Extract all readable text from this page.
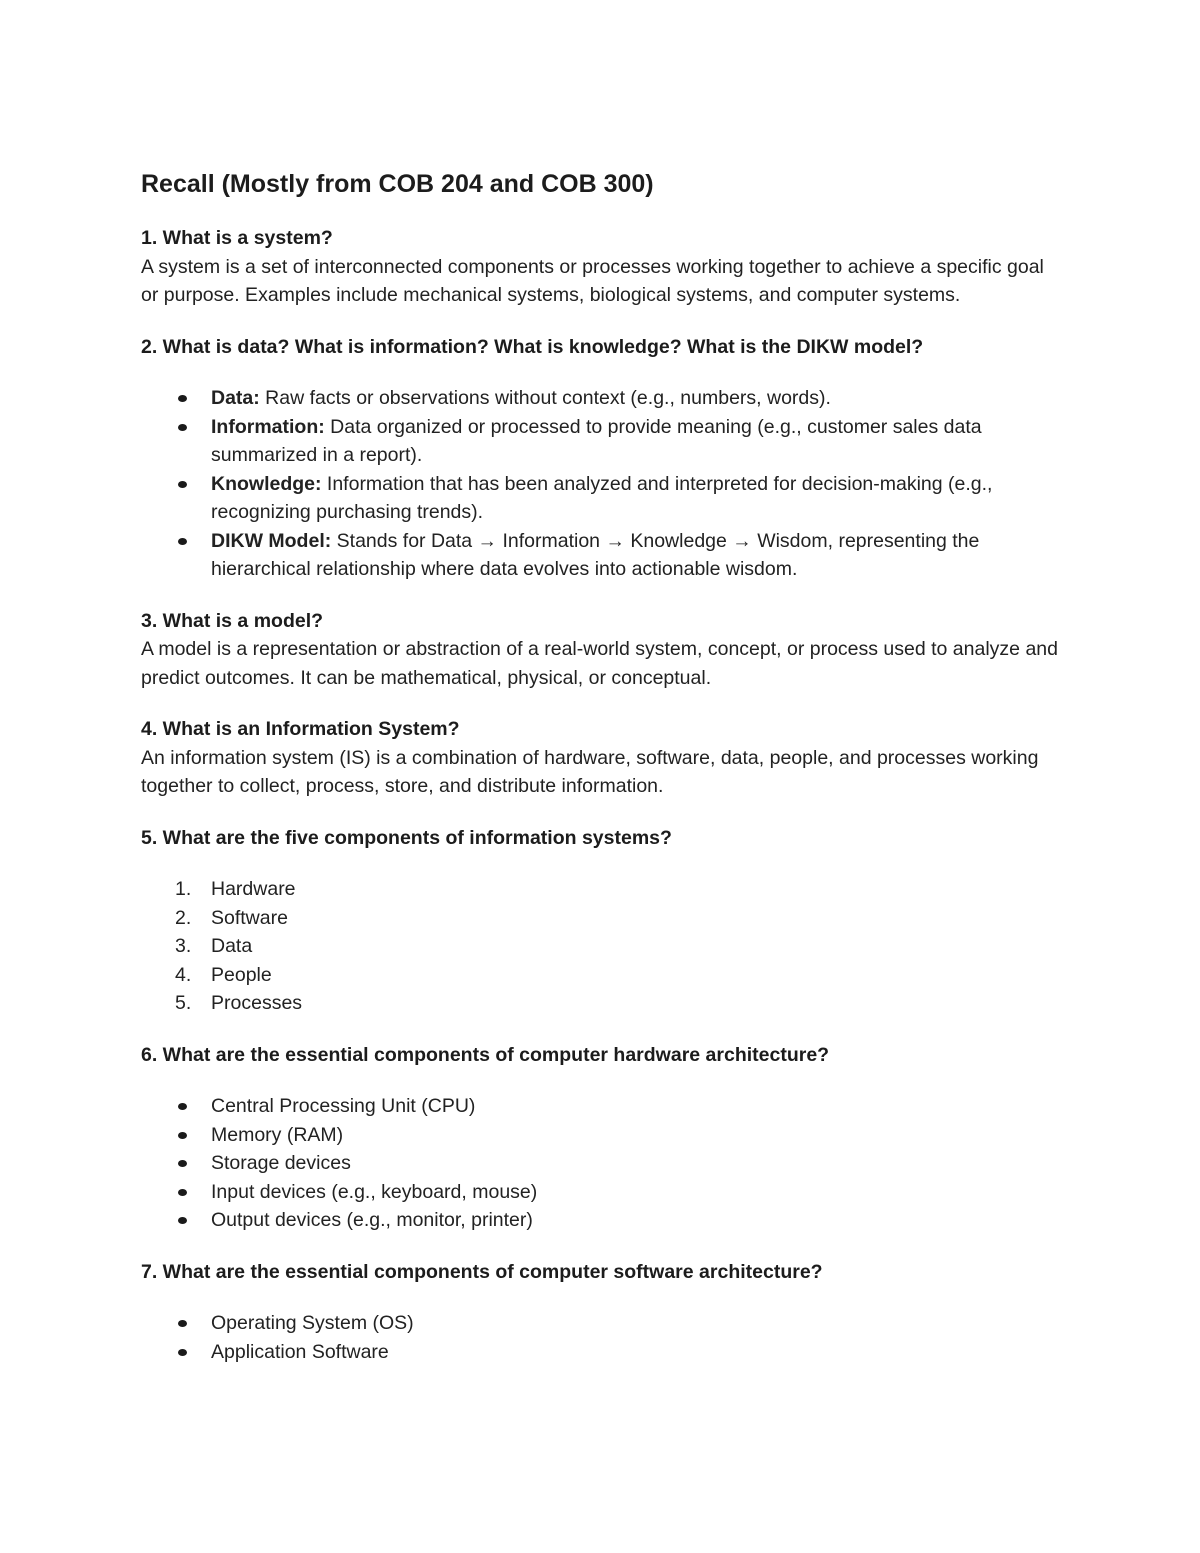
Recall (Mostly from COB 204 and COB 300)

1. What is a system?

A system is a set of interconnected components or processes working together to achieve a specific goal or purpose. Examples include mechanical systems, biological systems, and computer systems.

2. What is data? What is information? What is knowledge? What is the DIKW model?

Data: Raw facts or observations without context (e.g., numbers, words).
Information: Data organized or processed to provide meaning (e.g., customer sales data summarized in a report).
Knowledge: Information that has been analyzed and interpreted for decision-making (e.g., recognizing purchasing trends).
DIKW Model: Stands for Data → Information → Knowledge → Wisdom, representing the hierarchical relationship where data evolves into actionable wisdom.

3. What is a model?

A model is a representation or abstraction of a real-world system, concept, or process used to analyze and predict outcomes. It can be mathematical, physical, or conceptual.

4. What is an Information System?

An information system (IS) is a combination of hardware, software, data, people, and processes working together to collect, process, store, and distribute information.

5. What are the five components of information systems?

1. Hardware
2. Software
3. Data
4. People
5. Processes

6. What are the essential components of computer hardware architecture?

Central Processing Unit (CPU)
Memory (RAM)
Storage devices
Input devices (e.g., keyboard, mouse)
Output devices (e.g., monitor, printer)

7. What are the essential components of computer software architecture?

Operating System (OS)
Application Software
